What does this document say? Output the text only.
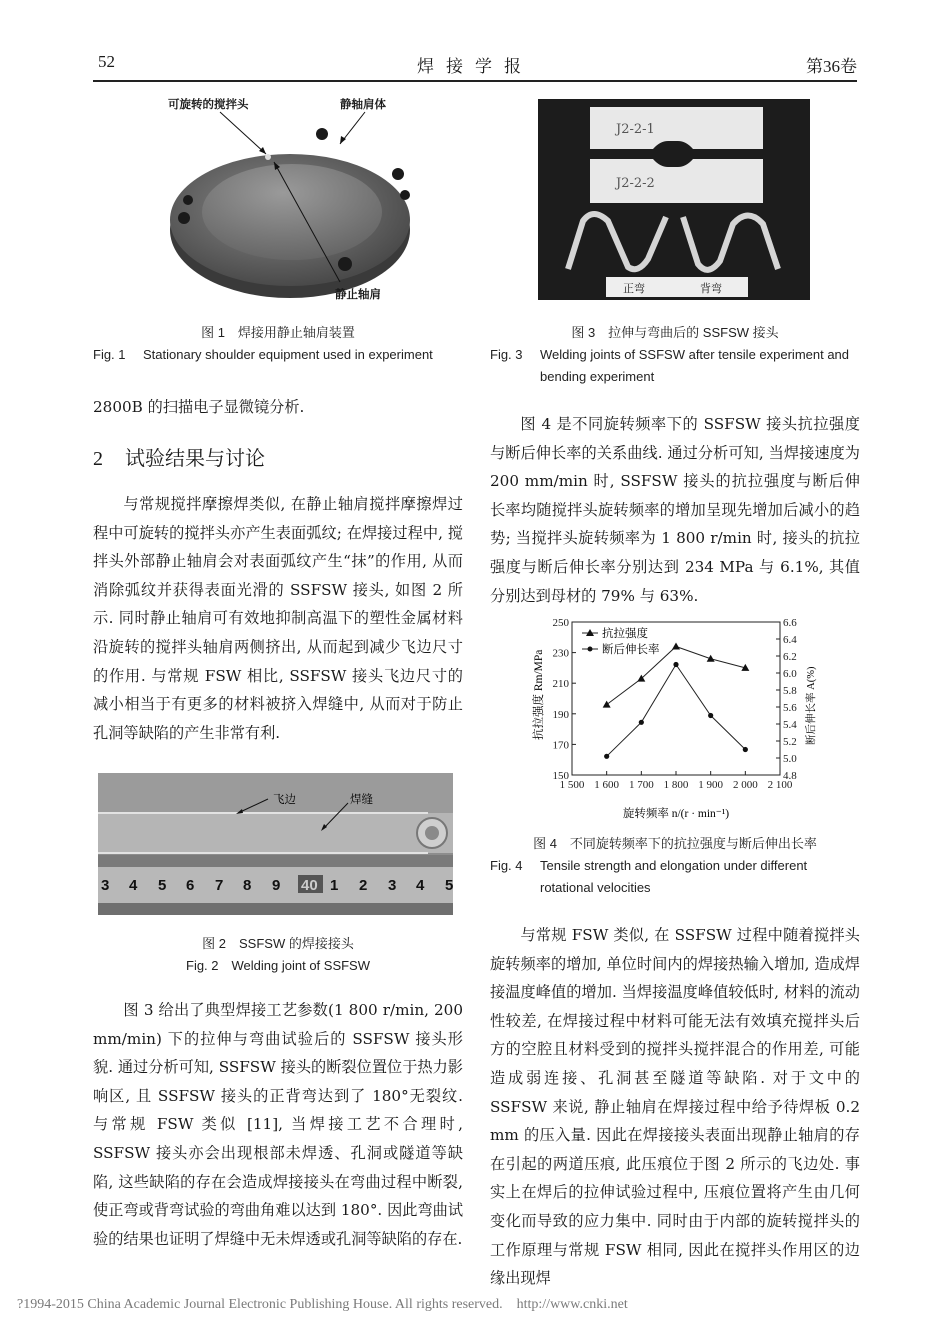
52	焊接学报	第36卷
可旋转的搅拌头	静轴肩体
静止轴肩
图 1　焊接用静止轴肩装置
Fig. 1	Stationary shoulder equipment used in experiment
2800B 的扫描电子显微镜分析.
2 试验结果与讨论
与常规搅拌摩擦焊类似, 在静止轴肩搅拌摩擦焊过程中可旋转的搅拌头亦产生表面弧纹; 在焊接过程中, 搅拌头外部静止轴肩会对表面弧纹产生“抹”的作用, 从而消除弧纹并获得表面光滑的 SSFSW 接头, 如图 2 所示. 同时静止轴肩可有效地抑制高温下的塑性金属材料沿旋转的搅拌头轴肩两侧挤出, 从而起到减少飞边尺寸的作用. 与常规 FSW 相比, SSFSW 接头飞边尺寸的减小相当于有更多的材料被挤入焊缝中, 从而对于防止孔洞等缺陷的产生非常有利.
飞边	焊缝
3 4 5 6 7 8 9 40 1 2 3 4 5
图 2　SSFSW 的焊接接头
Fig. 2　Welding joint of SSFSW
图 3 给出了典型焊接工艺参数(1 800 r/min, 200 mm/min) 下的拉伸与弯曲试验后的 SSFSW 接头形貌. 通过分析可知, SSFSW 接头的断裂位置位于热力影响区, 且 SSFSW 接头的正背弯达到了 180°无裂纹. 与常规 FSW 类似 [11], 当焊接工艺不合理时, SSFSW 接头亦会出现根部未焊透、孔洞或隧道等缺陷, 这些缺陷的存在会造成焊接接头在弯曲过程中断裂, 使正弯或背弯试验的弯曲角难以达到 180°. 因此弯曲试验的结果也证明了焊缝中无未焊透或孔洞等缺陷的存在.
J2-2-1
J2-2-2
正弯	背弯
图 3　拉伸与弯曲后的 SSFSW 接头
Fig. 3	Welding joints of SSFSW after tensile experiment and bending experiment
图 4 是不同旋转频率下的 SSFSW 接头抗拉强度与断后伸长率的关系曲线. 通过分析可知, 当焊接速度为 200 mm/min 时, SSFSW 接头的抗拉强度与断后伸长率均随搅拌头旋转频率的增加呈现先增加后减小的趋势; 当搅拌头旋转频率为 1 800 r/min 时, 接头的抗拉强度与断后伸长率分别达到 234 MPa 与 6.1%, 其值分别达到母材的 79% 与 63%.
150
170
190
210
230
250
4.8
5.0
5.2
5.4
5.6
5.8
6.0
6.2
6.4
6.6
1 500 1 600 1 700 1 800 1 900 2 000 2 100
抗拉强度
断后伸长率
抗拉强度 Rm/MPa	断后伸长率 A(%)
旋转频率 n/(r · min⁻¹)
图 4　不同旋转频率下的抗拉强度与断后伸出长率
Fig. 4	Tensile strength and elongation under different rotational velocities
与常规 FSW 类似, 在 SSFSW 过程中随着搅拌头旋转频率的增加, 单位时间内的焊接热输入增加, 造成焊接温度峰值的增加. 当焊接温度峰值较低时, 材料的流动性较差, 在焊接过程中材料可能无法有效填充搅拌头后方的空腔且材料受到的搅拌头搅拌混合的作用差, 可能造成弱连接、孔洞甚至隧道等缺陷. 对于文中的 SSFSW 来说, 静止轴肩在焊接过程中给予待焊板 0.2 mm 的压入量. 因此在焊接接头表面出现静止轴肩的存在引起的两道压痕, 此压痕位于图 2 所示的飞边处. 事实上在焊后的拉伸试验过程中, 压痕位置将产生由几何变化而导致的应力集中. 同时由于内部的旋转搅拌头的工作原理与常规 FSW 相同, 因此在搅拌头作用区的边缘出现焊
?1994-2015 China Academic Journal Electronic Publishing House. All rights reserved. http://www.cnki.net
